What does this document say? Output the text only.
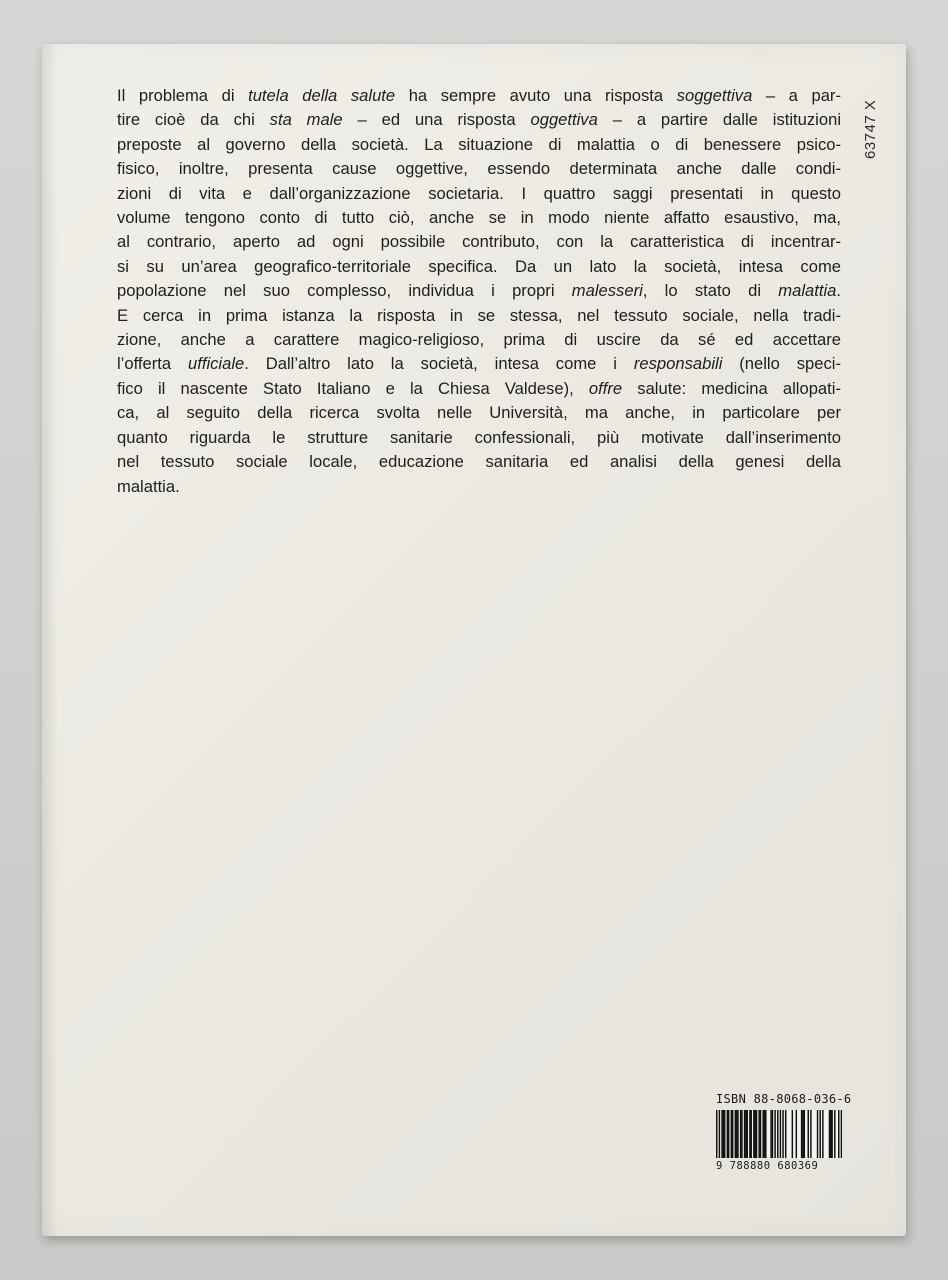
Il problema di tutela della salute ha sempre avuto una risposta soggettiva – a par-
tire cioè da chi sta male – ed una risposta oggettiva – a partire dalle istituzioni
preposte al governo della società. La situazione di malattia o di benessere psico-
fisico, inoltre, presenta cause oggettive, essendo determinata anche dalle condi-
zioni di vita e dall’organizzazione societaria. I quattro saggi presentati in questo
volume tengono conto di tutto ciò, anche se in modo niente affatto esaustivo, ma,
al contrario, aperto ad ogni possibile contributo, con la caratteristica di incentrar-
si su un’area geografico-territoriale specifica. Da un lato la società, intesa come
popolazione nel suo complesso, individua i propri malesseri, lo stato di malattia.
E cerca in prima istanza la risposta in se stessa, nel tessuto sociale, nella tradi-
zione, anche a carattere magico-religioso, prima di uscire da sé ed accettare
l’offerta ufficiale. Dall’altro lato la società, intesa come i responsabili (nello speci-
fico il nascente Stato Italiano e la Chiesa Valdese), offre salute: medicina allopati-
ca, al seguito della ricerca svolta nelle Università, ma anche, in particolare per
quanto riguarda le strutture sanitarie confessionali, più motivate dall’inserimento
nel tessuto sociale locale, educazione sanitaria ed analisi della genesi della
malattia.
63747 X
ISBN 88-8068-036-6
9 788880 680369
